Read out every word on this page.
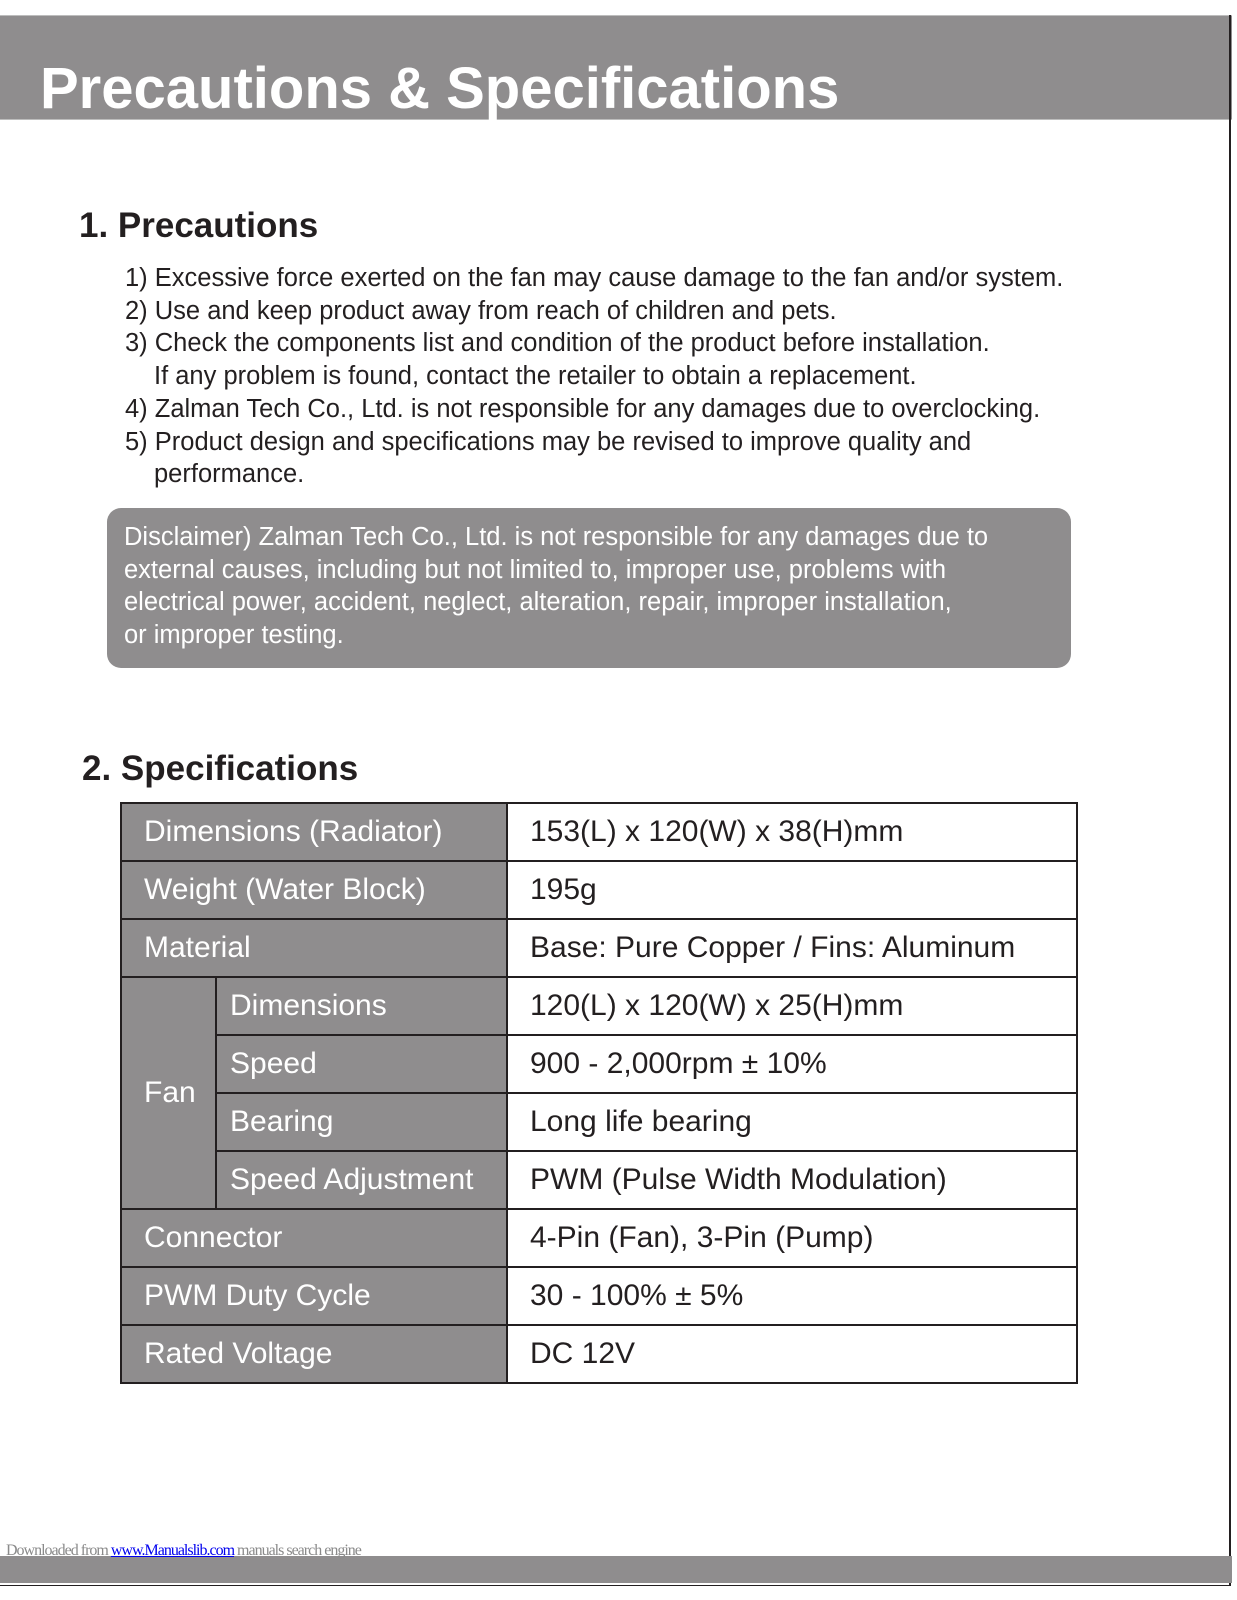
Precautions & Specifications
1. Precautions
1) Excessive force exerted on the fan may cause damage to the fan and/or system.
2) Use and keep product away from reach of children and pets.
3) Check the components list and condition of the product before installation.
If any problem is found, contact the retailer to obtain a replacement.
4) Zalman Tech Co., Ltd. is not responsible for any damages due to overclocking.
5) Product design and specifications may be revised to improve quality and
performance.

Disclaimer) Zalman Tech Co., Ltd. is not responsible for any damages due to

external causes, including but not limited to, improper use, problems with

electrical power, accident, neglect, alteration, repair, improper installation,

or improper testing.

2. Specifications
Dimensions (Radiator)		153(L) x 120(W) x 38(H)mm
Weight (Water Block)		195g
Material		Base: Pure Copper / Fins: Aluminum
Fan	Dimensions	120(L) x 120(W) x 25(H)mm
	Speed	900 - 2,000rpm ± 10%
	Bearing	Long life bearing
	Speed Adjustment	PWM (Pulse Width Modulation)
Connector		4-Pin (Fan), 3-Pin (Pump)
PWM Duty Cycle		30 - 100% ± 5%
Rated Voltage		DC 12V
Downloaded from www.Manualslib.com manuals search engine
